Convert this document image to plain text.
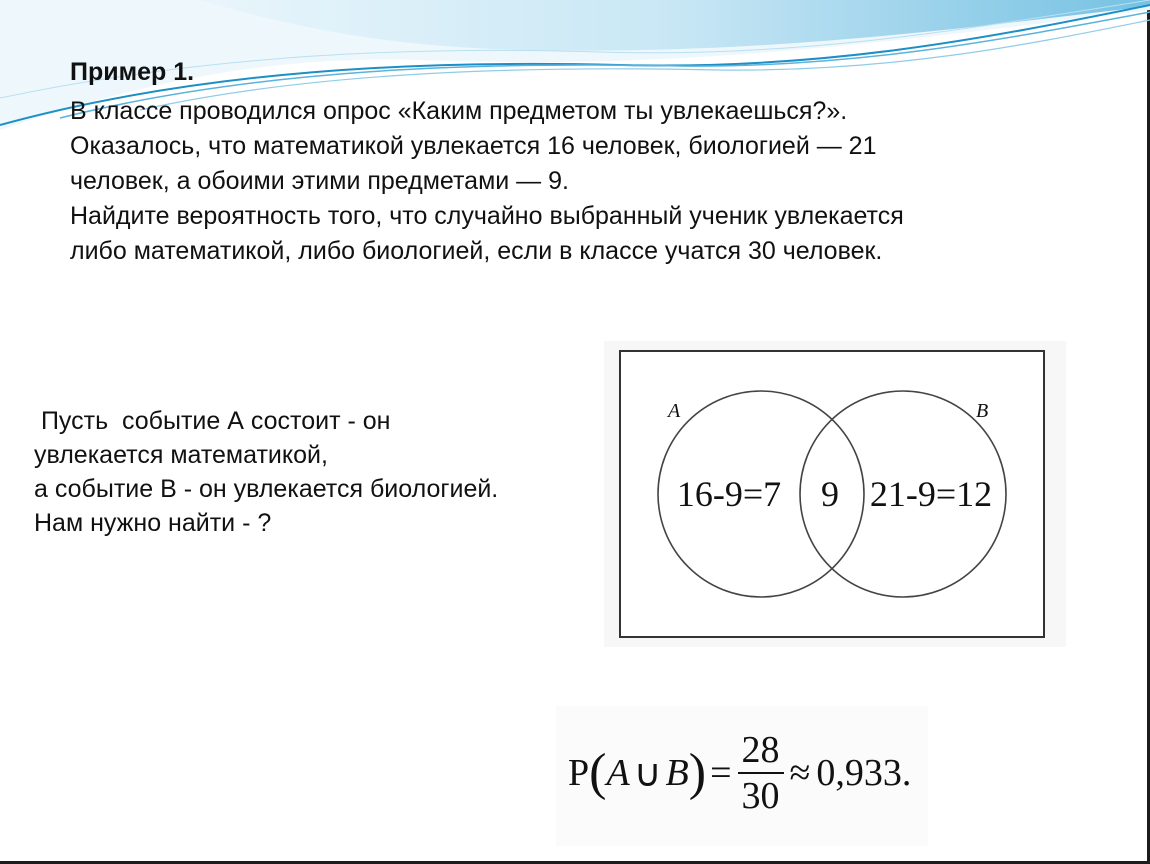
Пример 1.

В классе проводился опрос «Каким предметом ты увлекаешься?».
Оказалось, что математикой увлекается 16 человек, биологией — 21
человек, а обоими этими предметами — 9.
Найдите вероятность того, что случайно выбранный ученик увлекается
либо математикой, либо биологией, если в классе учатся 30 человек.

Пусть  событие А состоит - он
увлекается математикой,
а событие В - он увлекается биологией.
Нам нужно найти - ?

A	B
16-9=7 9 21-9=12
P ( A ∪ B ) = $\frac{28}{30} \approx 0,933$ .
